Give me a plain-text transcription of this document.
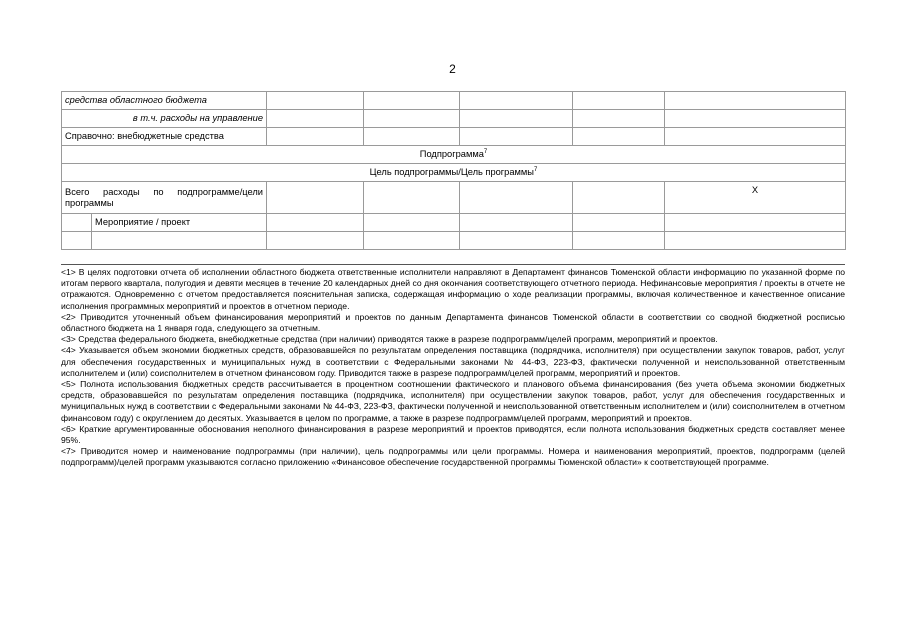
2
средства областного бюджета						
в т.ч. расходы на управление						
Справочно: внебюджетные средства						
Подпрограмма$^7$
Цель подпрограммы/Цель программы$^7$
Всего расходы по подпрограмме/цели программы						Х
	Мероприятие / проект					

<1> В целях подготовки отчета об исполнении областного бюджета ответственные исполнители направляют в Департамент финансов Тюменской области информацию по указанной форме по итогам первого квартала, полугодия и девяти месяцев в течение 20 календарных дней со дня окончания соответствующего отчетного периода. Нефинансовые мероприятия / проекты в отчете не отражаются. Одновременно с отчетом предоставляется пояснительная записка, содержащая информацию о ходе реализации программы, включая количественное и качественное описание исполнения программных мероприятий и проектов в отчетном периоде.

<2> Приводится уточненный объем финансирования мероприятий и проектов по данным Департамента финансов Тюменской области в соответствии со сводной бюджетной росписью областного бюджета на 1 января года, следующего за отчетным.

<3> Средства федерального бюджета, внебюджетные средства (при наличии) приводятся также в разрезе подпрограмм/целей программ, мероприятий и проектов.

<4> Указывается объем экономии бюджетных средств, образовавшейся по результатам определения поставщика (подрядчика, исполнителя) при осуществлении закупок товаров, работ, услуг для обеспечения государственных и муниципальных нужд в соответствии с Федеральными законами № 44-ФЗ, 223-ФЗ, фактически полученной и неиспользованной ответственным исполнителем и (или) соисполнителем в отчетном финансовом году. Приводится также в разрезе подпрограмм/целей программ, мероприятий и проектов.

<5> Полнота использования бюджетных средств рассчитывается в процентном соотношении фактического и планового объема финансирования (без учета объема экономии бюджетных средств, образовавшейся по результатам определения поставщика (подрядчика, исполнителя) при осуществлении закупок товаров, работ, услуг для обеспечения государственных и муниципальных нужд в соответствии с Федеральными законами № 44-ФЗ, 223-ФЗ, фактически полученной и неиспользованной ответственным исполнителем и (или) соисполнителем в отчетном финансовом году) с округлением до десятых. Указывается в целом по программе, а также в разрезе подпрограмм/целей программ, мероприятий и проектов.

<6> Краткие аргументированные обоснования неполного финансирования в разрезе мероприятий и проектов приводятся, если полнота использования бюджетных средств составляет менее 95%.

<7> Приводится номер и наименование подпрограммы (при наличии), цель подпрограммы или цели программы. Номера и наименования мероприятий, проектов, подпрограмм (целей подпрограмм)/целей программ указываются согласно приложению «Финансовое обеспечение государственной программы Тюменской области» к соответствующей программе.
